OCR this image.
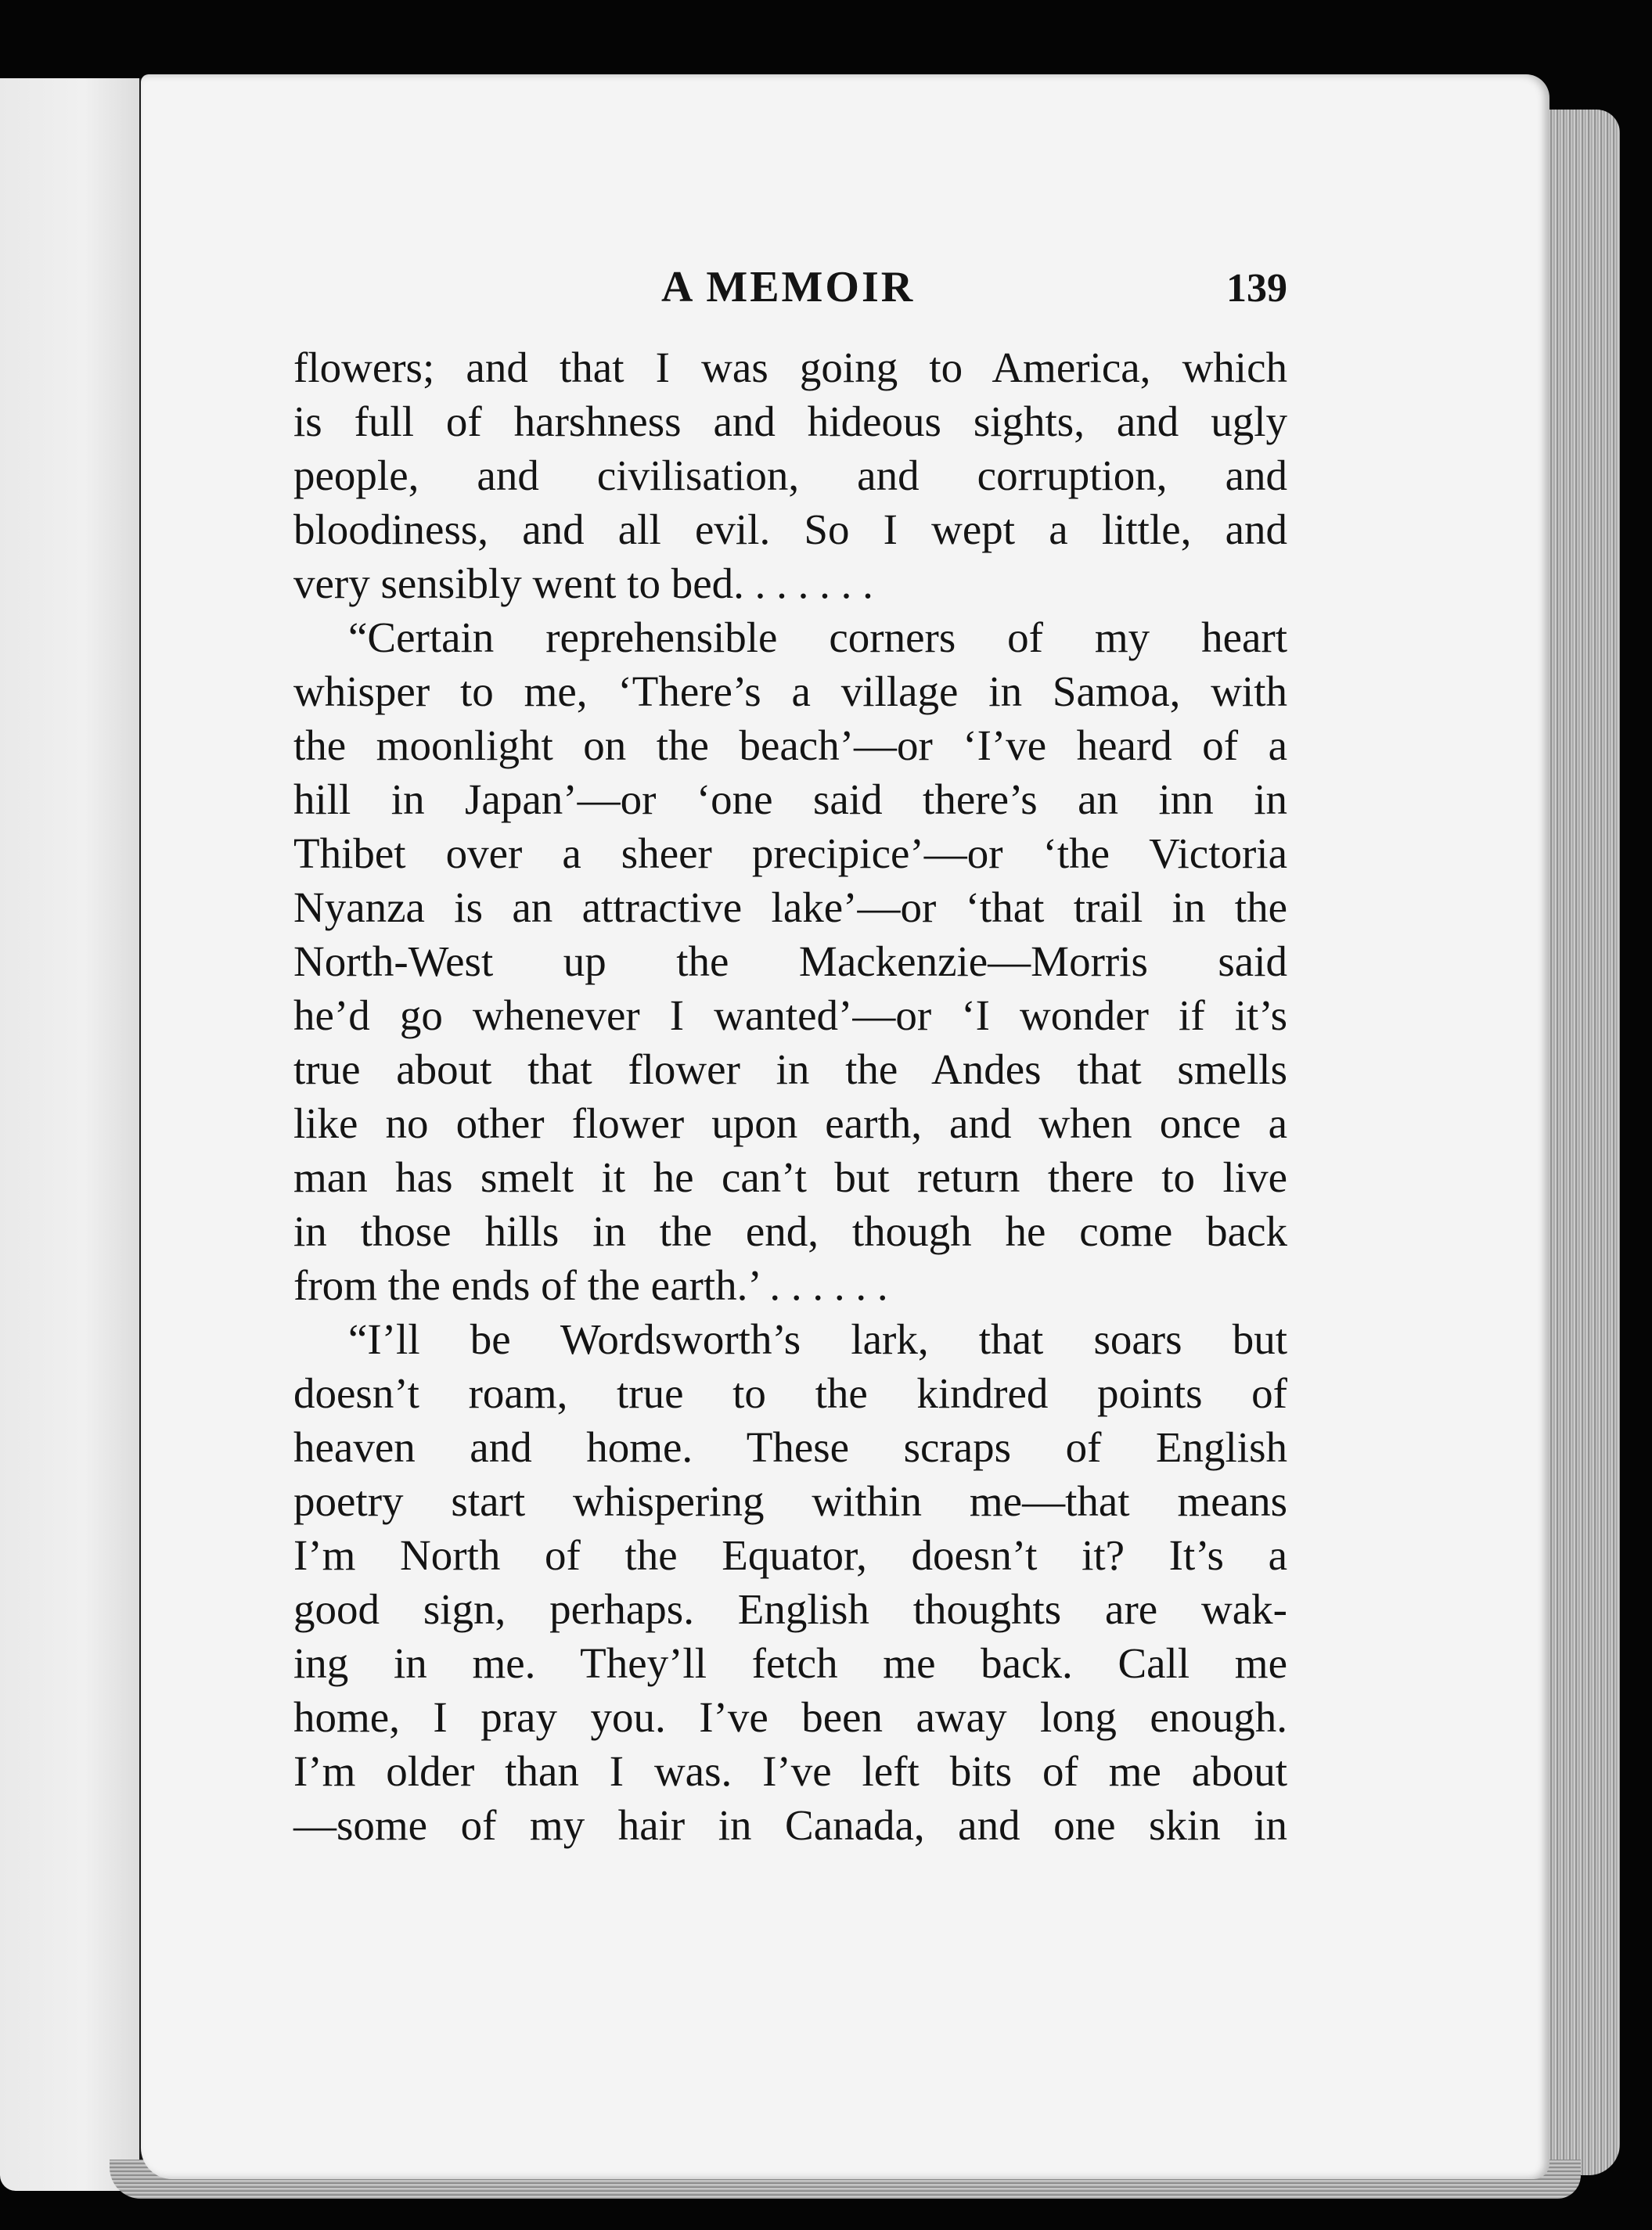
A MEMOIR	139
flowers; and that I was going to America, which
is full of harshness and hideous sights, and ugly
people, and civilisation, and corruption, and
bloodiness, and all evil. So I wept a little, and
very sensibly went to bed. . . . . . .
“Certain reprehensible corners of my heart
whisper to me, ‘There’s a village in Samoa, with
the moonlight on the beach’—or ‘I’ve heard of a
hill in Japan’—or ‘one said there’s an inn in
Thibet over a sheer precipice’—or ‘the Victoria
Nyanza is an attractive lake’—or ‘that trail in the
North-West up the Mackenzie—Morris said
he’d go whenever I wanted’—or ‘I wonder if it’s
true about that flower in the Andes that smells
like no other flower upon earth, and when once a
man has smelt it he can’t but return there to live
in those hills in the end, though he come back
from the ends of the earth.’ . . . . . .
“I’ll be Wordsworth’s lark, that soars but
doesn’t roam, true to the kindred points of
heaven and home. These scraps of English
poetry start whispering within me—that means
I’m North of the Equator, doesn’t it? It’s a
good sign, perhaps. English thoughts are wak-
ing in me. They’ll fetch me back. Call me
home, I pray you. I’ve been away long enough.
I’m older than I was. I’ve left bits of me about
—some of my hair in Canada, and one skin in
